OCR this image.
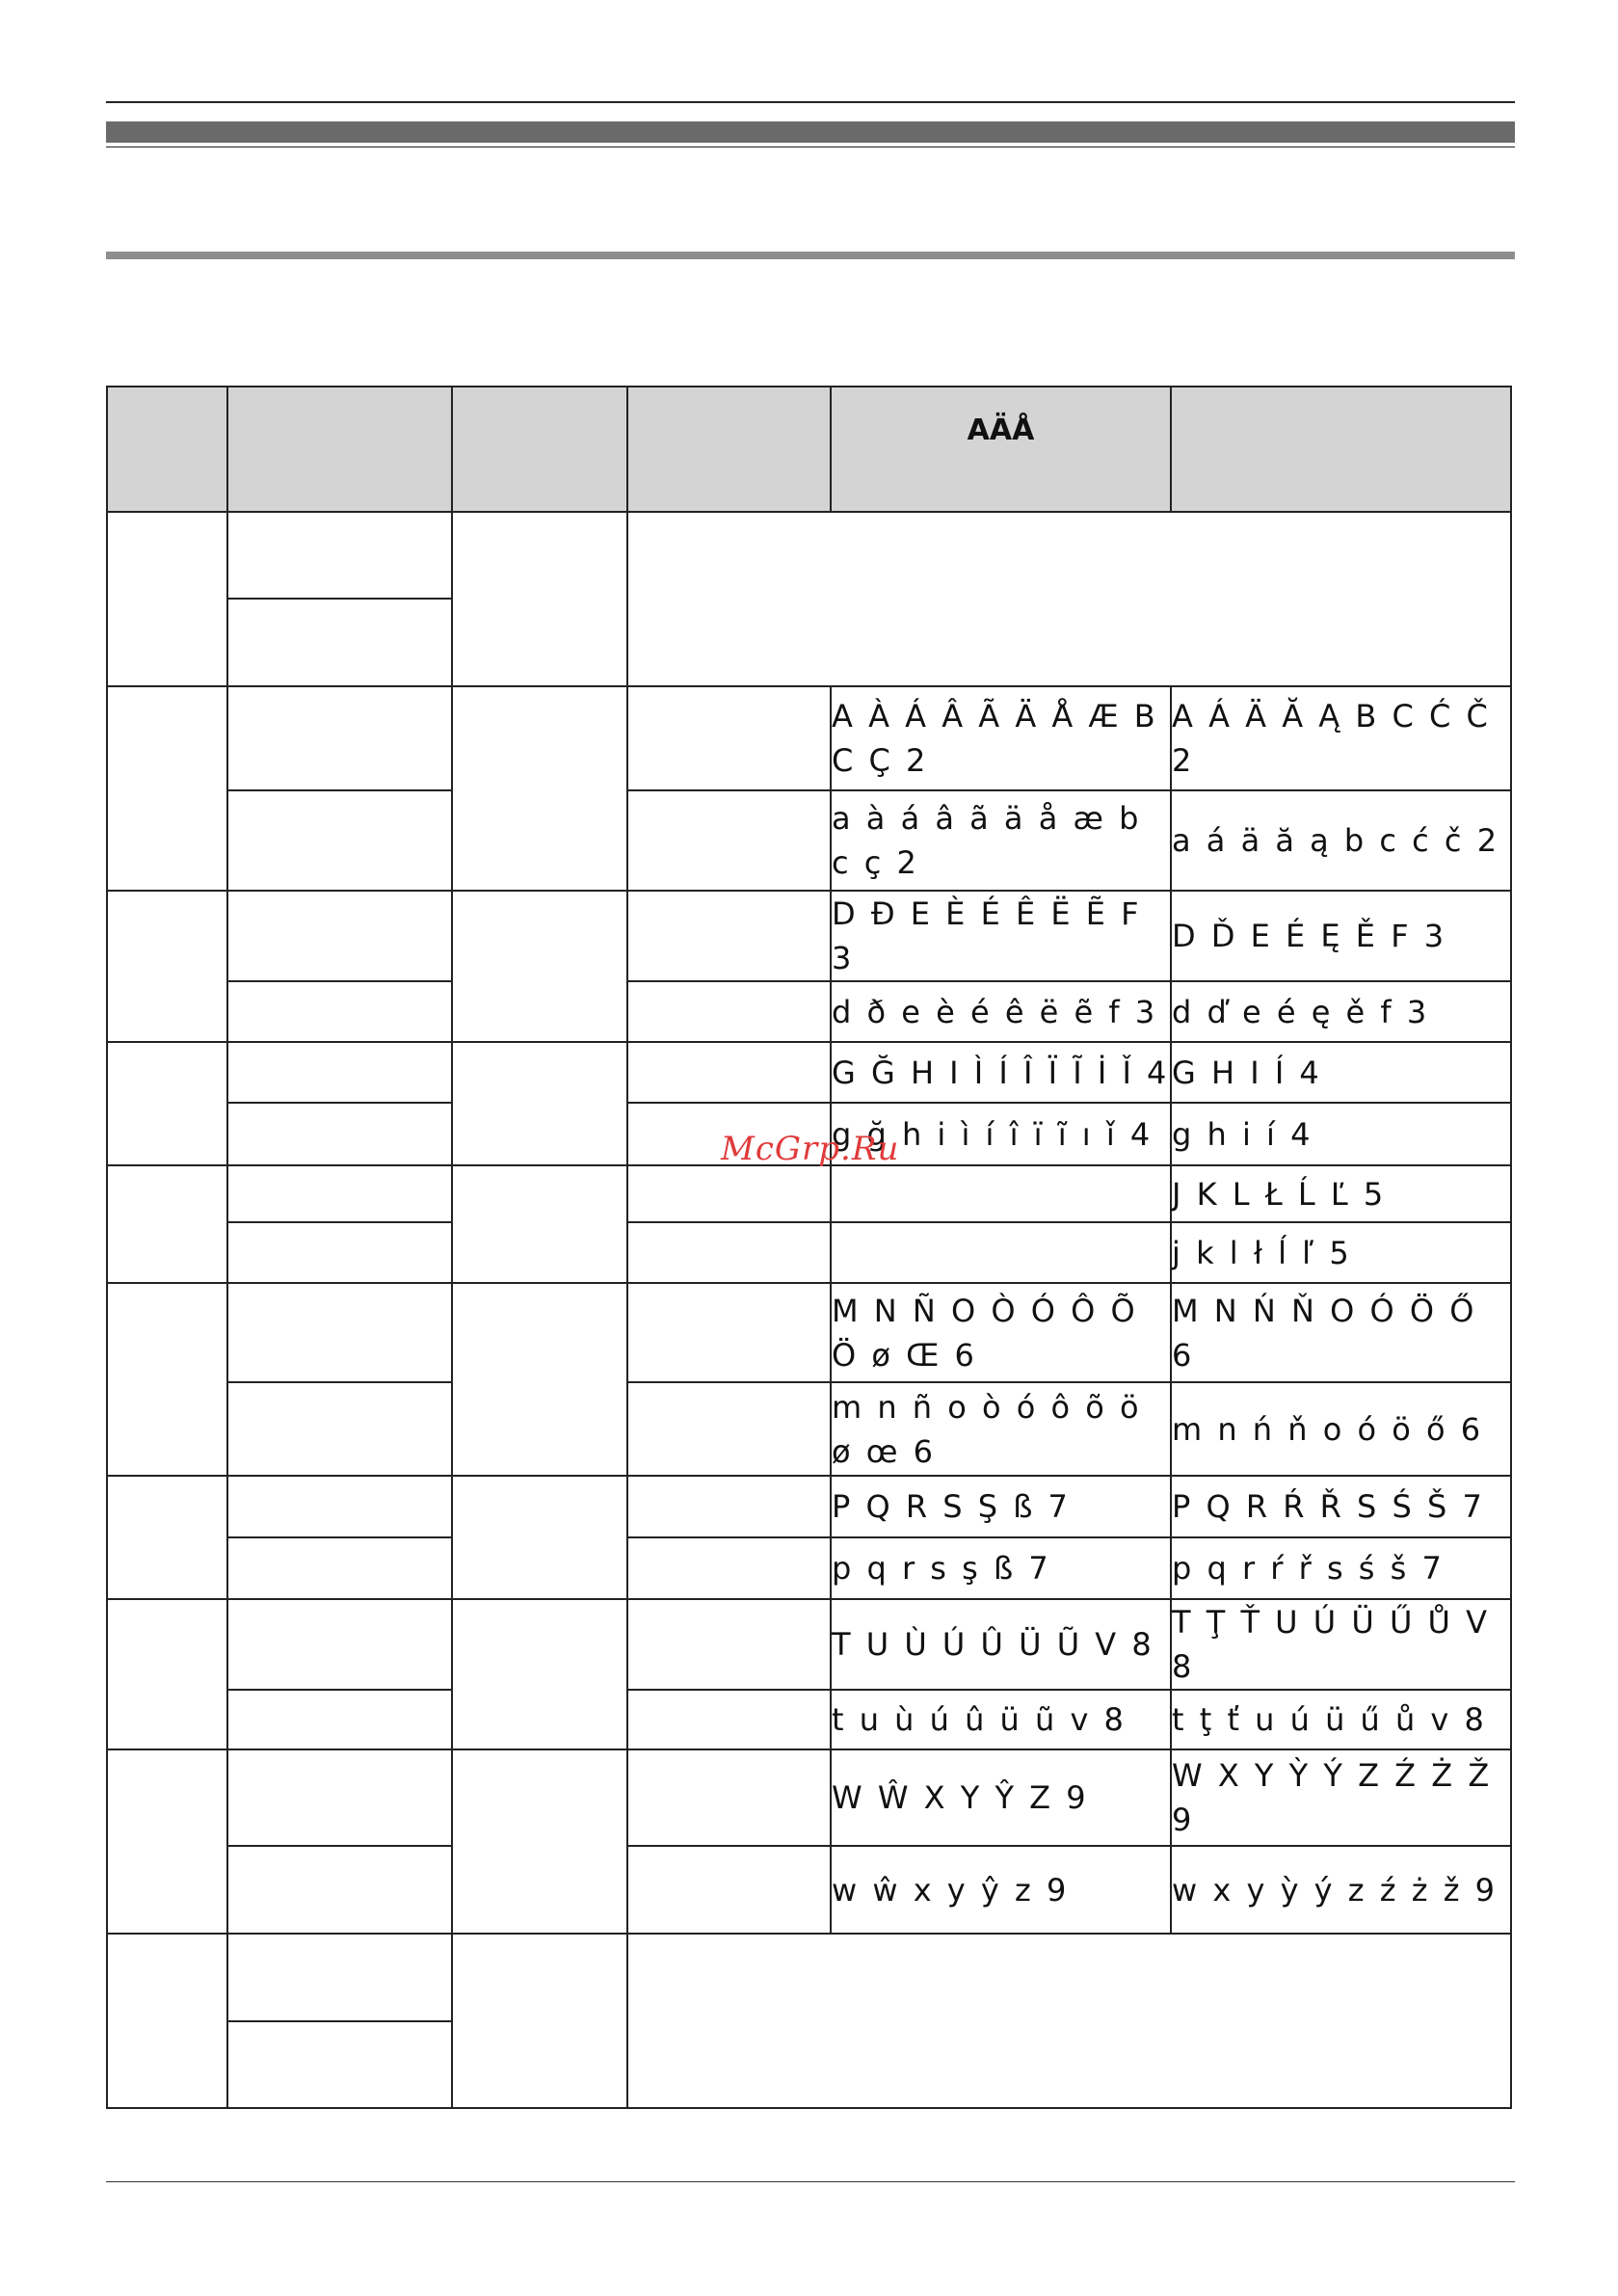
				AÄÅ	

				A À Á Â Ã Ä Å Æ B C Ç 2	A Á Ä Ă Ą B C Ć Č 2
				a à á â ã ä å æ b c ç 2	a á ä ă ą b c ć č 2
				D Đ E È É Ê Ë Ẽ F 3	D Ď E É Ę Ě F 3
				d ð e è é ê ë ẽ f 3	d ď e é ę ě f 3
				G Ğ H I Ì Í Î Ï Ĩ İ Ǐ 4	G H I Í 4
				g ğ h i ì í î ï ĩ ı ǐ 4	g h i í 4
					J K L Ł Ĺ Ľ 5
					j k l ł ĺ ľ 5
				M N Ñ O Ò Ó Ô Õ Ö ø Œ 6	M N Ń Ň O Ó Ö Ő 6
				m n ñ o ò ó ô õ ö ø œ 6	m n ń ň o ó ö ő 6
				P Q R S Ş ß 7	P Q R Ŕ Ř S Ś Š 7
				p q r s ş ß 7	p q r ŕ ř s ś š 7
				T U Ù Ú Û Ü Ũ V 8	T Ţ Ť U Ú Ü Ű Ů V 8
				t u ù ú û ü ũ v 8	t ţ ť u ú ü ű ů v 8
				W Ŵ X Y Ŷ Z 9	W X Y Ỳ Ý Z Ź Ż Ž 9
				w ŵ x y ŷ z 9	w x y ỳ ý z ź ż ž 9

McGrp.Ru
